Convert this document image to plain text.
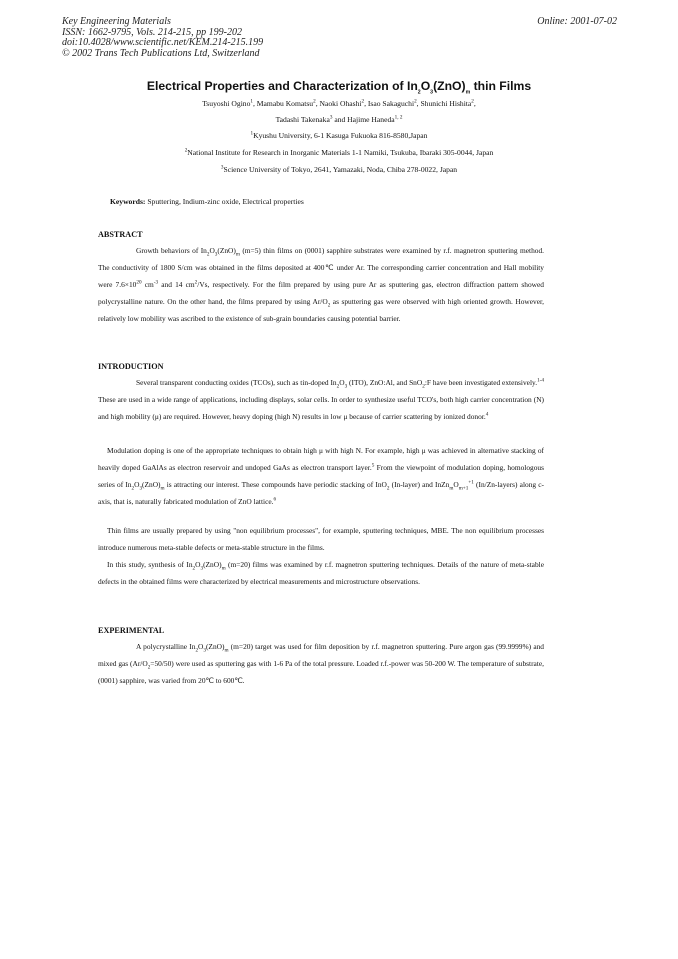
Key Engineering Materials
ISSN: 1662-9795, Vols. 214-215, pp 199-202
doi:10.4028/www.scientific.net/KEM.214-215.199
© 2002 Trans Tech Publications Ltd, Switzerland
Online: 2001-07-02
Electrical Properties and Characterization of $In_2O_3(ZnO)_m$ thin Films
Tsuyoshi Ogino$^1$, Mamabu Komatsu$^2$, Naoki Ohashi$^2$, Isao Sakaguchi$^2$, Shunichi Hishita$^2$,
Tadashi Takenaka$^3$ and Hajime Haneda$^{1, 2}$
$^1$Kyushu University, 6-1 Kasuga Fukuoka 816-8580,Japan
$^2$National Institute for Research in Inorganic Materials 1-1 Namiki, Tsukuba, Ibaraki 305-0044, Japan
$^3$Science University of Tokyo, 2641, Yamazaki, Noda, Chiba 278-0022, Japan
Keywords: Sputtering, Indium-zinc oxide, Electrical properties
ABSTRACT

Growth behaviors of $In_2O_3(ZnO)_m$ (m=5) thin films on (0001) sapphire substrates were examined by r.f. magnetron sputtering method. The conductivity of 1800 S/cm was obtained in the films deposited at 400℃ under Ar. The corresponding carrier concentration and Hall mobility were $7.6\times 10^{20}$ $cm^{-3}$ and 14 $cm^2/Vs$, respectively. For the film prepared by using pure Ar as sputtering gas, electron diffraction pattern showed polycrystalline nature. On the other hand, the films prepared by using $Ar/O_2$ as sputtering gas were observed with high oriented growth. However, relatively low mobility was ascribed to the existence of sub-grain boundaries causing potential barrier.

INTRODUCTION

Several transparent conducting oxides (TCOs), such as tin-doped $In_2O_3$ (ITO), ZnO:Al, and SnO$_2$:F have been investigated extensively.$^{1-4}$ These are used in a wide range of applications, including displays, solar cells. In order to synthesize useful TCO's, both high carrier concentration (N) and high mobility (μ) are required. However, heavy doping (high N) results in low μ because of carrier scattering by ionized donor.$^4$

Modulation doping is one of the appropriate techniques to obtain high μ with high N. For example, high μ was achieved in alternative stacking of heavily doped GaAlAs as electron reservoir and undoped GaAs as electron transport layer.$^5$ From the viewpoint of modulation doping, homologous series of $In_2O_3(ZnO)_m$ is attracting our interest. These compounds have periodic stacking of InO$_2$ (In-layer) and $InZn_mO_{m+1}^{+1}$ (In/Zn-layers) along c-axis, that is, naturally fabricated modulation of ZnO lattice.$^6$

Thin films are usually prepared by using "non equilibrium processes", for example, sputtering techniques, MBE. The non equilibrium processes introduce numerous meta-stable defects or meta-stable structure in the films.

In this study, synthesis of $In_2O_3(ZnO)_m$ (m=20) films was examined by r.f. magnetron sputtering techniques. Details of the nature of meta-stable defects in the obtained films were characterized by electrical measurements and microstructure observations.

EXPERIMENTAL

A polycrystalline $In_2O_3(ZnO)_m$ (m=20) target was used for film deposition by r.f. magnetron sputtering. Pure argon gas (99.9999%) and mixed gas $(Ar/O_2=50/50)$ were used as sputtering gas with 1-6 Pa of the total pressure. Loaded r.f.-power was 50-200 W. The temperature of substrate, (0001) sapphire, was varied from 20℃ to 600℃.
